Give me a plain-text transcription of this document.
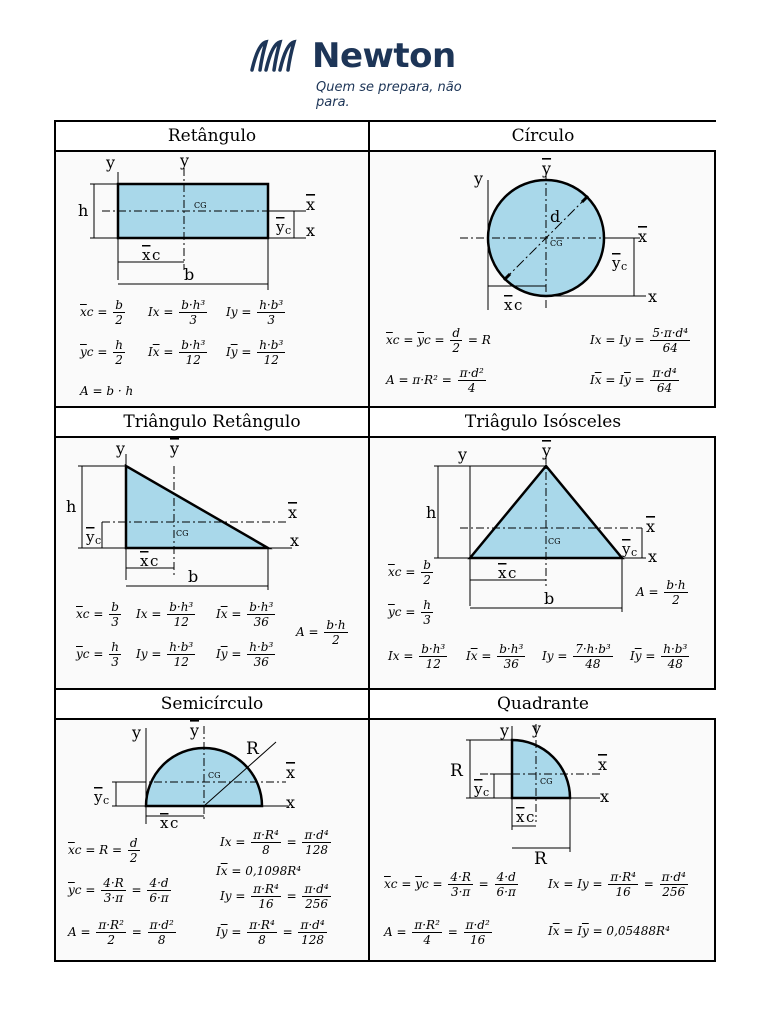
Newton
Quem se prepara, não para.
Retângulo
y	y
h	CG	x
x
y c
x c
b
$\overline{x}c = \frac{b}{2}$ $Ix = \frac{\text{b·h³}}{3}$ $Iy = \frac{\text{h·b³}}{3}$
$\overline{y}c = \frac{h}{2} I\overline{x} = \frac{\text{b·h³}}{12} I\overline{y} = \frac{\text{h·b³}}{12}$
A = b · h
Círculo
y
y
d
CG	x
x
y c
x c
$\overline{x}c = \overline{y}c = \frac{d}{2} = R$	$Ix = Iy = \frac{\text{5·π·d⁴}}{64}$
$A = \pi\cdot R^2 = \frac{\text{π·d²}}{4}$	$I\overline{x} = I\overline{y} = \frac{\text{π·d⁴}}{64}$
Triângulo Retângulo
y	y
h
CG
x
x
y c
x c
b
$\overline{x}c = \frac{b}{3}$ $Ix = \frac{\text{b·h³}}{12} I\overline{x} = \frac{\text{b·h³}}{36}$
$A = \frac{b\cdot h}{2}$
$\overline{y}c = \frac{h}{3}$ $Iy = \frac{\text{h·b³}}{12} I\overline{y} = \frac{\text{h·b³}}{36}$
Triâgulo Isósceles
y	y
h
CG
x
x
y c
x c
$\overline{x}c = \frac{b}{2}$
$\overline{y}c = \frac{h}{3}$	b	$A = \frac{b\cdot h}{2}$
$Ix = \frac{\text{b·h³}}{12} I\overline{x} = \frac{\text{b·h³}}{36}$ $Iy = \frac{\text{7·h·b³}}{48} I\overline{y} = \frac{\text{h·b³}}{48}$
Semicírculo
y	y
R
CG	x
x
y c
x c
$\overline{x}c = R = \frac{d}{2}$	$Ix = \frac{\text{π·R⁴}}{8} = \frac{\text{π·d⁴}}{128}$
$I\overline{x} = 0,1098R^4$
$\overline{y}c = \frac{4\cdot R}{3\cdot\pi} = \frac{4\cdot d}{6\cdot\pi}$	$Iy = \frac{\text{π·R⁴}}{16} = \frac{\text{π·d⁴}}{256}$
$A = \frac{\text{π·R²}}{2} = \frac{\text{π·d²}}{8}$	$I\overline{y} = \frac{\text{π·R⁴}}{8} = \frac{\text{π·d⁴}}{128}$
Quadrante
y y
R
CG
x
x
y c
x c
R
$\overline{x}c = \overline{y}c = \frac{4\cdot R}{3\cdot\pi} = \frac{4\cdot d}{6\cdot\pi}$	$Ix = Iy = \frac{\text{π·R⁴}}{16} = \frac{\text{π·d⁴}}{256}$
$A = \frac{\text{π·R²}}{4} = \frac{\text{π·d²}}{16}$	$I\overline{x} = I\overline{y} = 0,05488R^4$
